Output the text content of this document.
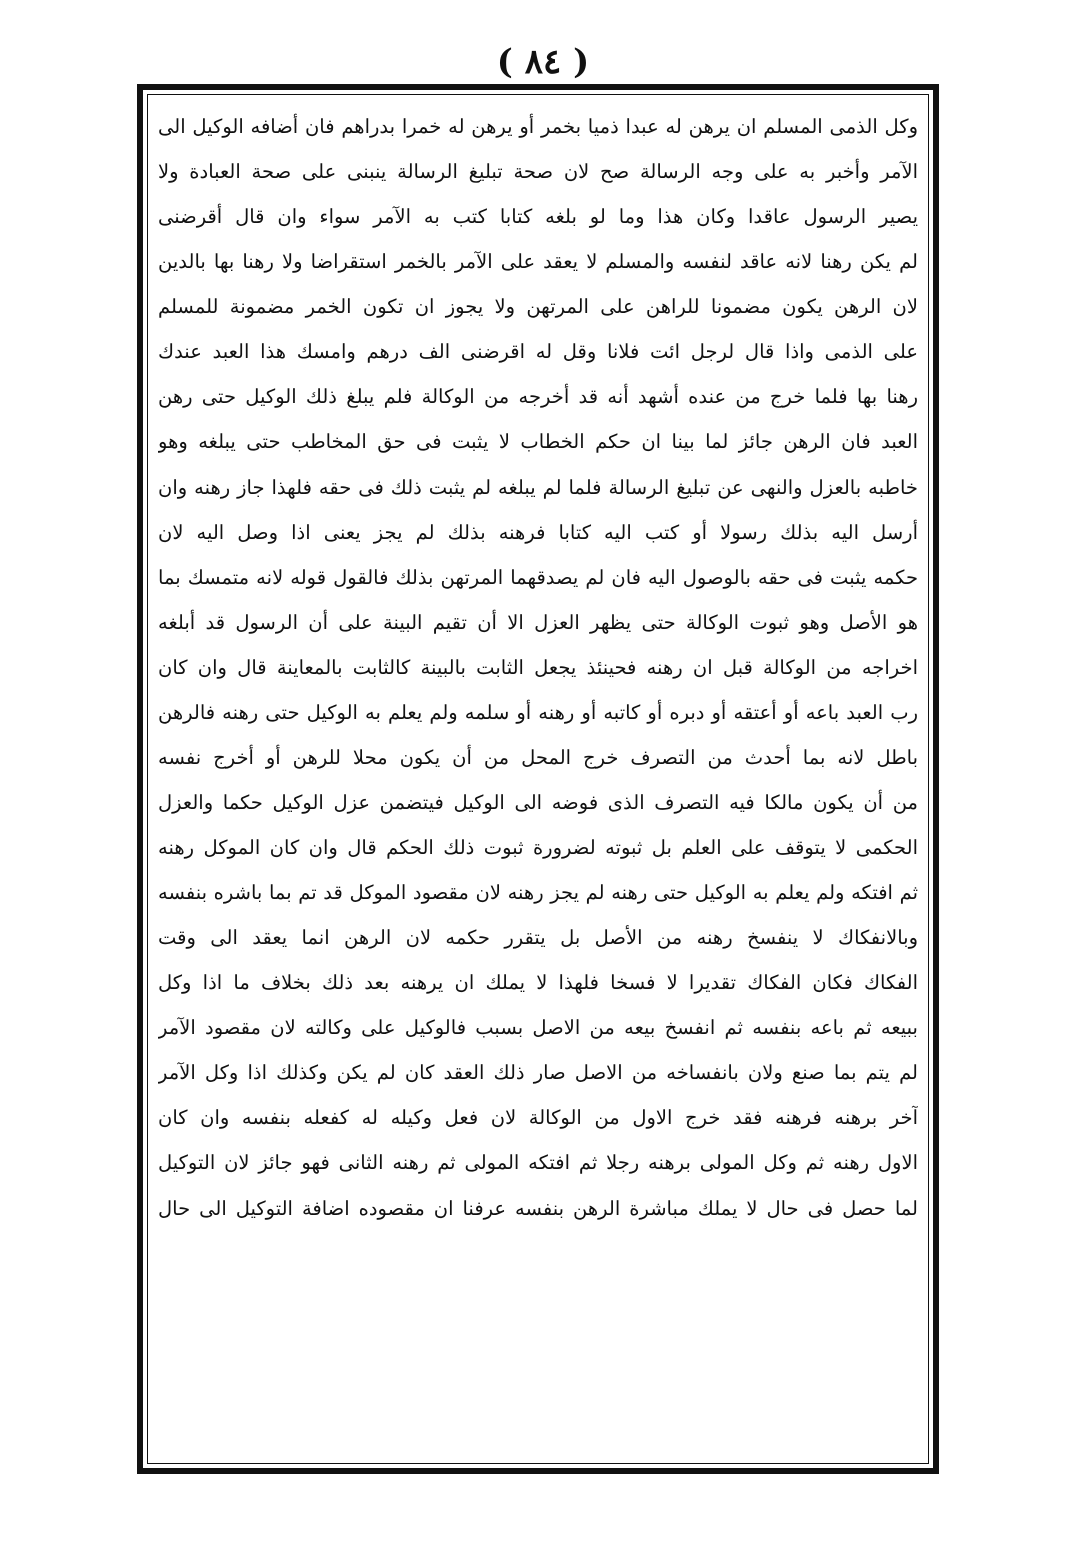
( ٨٤ )
وكل الذمى المسلم ان يرهن له عبدا ذميا بخمر أو يرهن له خمرا بدراهم فان أضافه الوكيل الى
الآمر وأخبر به على وجه الرسالة صح لان صحة تبليغ الرسالة ينبنى على صحة العبادة ولا
يصير الرسول عاقدا وكان هذا وما لو بلغه كتابا كتب به الآمر سواء وان قال أقرضنى
لم يكن رهنا لانه عاقد لنفسه والمسلم لا يعقد على الآمر بالخمر استقراضا ولا رهنا بها بالدين
لان الرهن يكون مضمونا للراهن على المرتهن ولا يجوز ان تكون الخمر مضمونة للمسلم
على الذمى واذا قال لرجل ائت فلانا وقل له اقرضنى الف درهم وامسك هذا العبد عندك
رهنا بها فلما خرج من عنده أشهد أنه قد أخرجه من الوكالة فلم يبلغ ذلك الوكيل حتى رهن
العبد فان الرهن جائز لما بينا ان حكم الخطاب لا يثبت فى حق المخاطب حتى يبلغه وهو
خاطبه بالعزل والنهى عن تبليغ الرسالة فلما لم يبلغه لم يثبت ذلك فى حقه فلهذا جاز رهنه وان
أرسل اليه بذلك رسولا أو كتب اليه كتابا فرهنه بذلك لم يجز يعنى اذا وصل اليه لان
حكمه يثبت فى حقه بالوصول اليه فان لم يصدقهما المرتهن بذلك فالقول قوله لانه متمسك بما
هو الأصل وهو ثبوت الوكالة حتى يظهر العزل الا أن تقيم البينة على أن الرسول قد أبلغه
اخراجه من الوكالة قبل ان رهنه فحينئذ يجعل الثابت بالبينة كالثابت بالمعاينة قال وان كان
رب العبد باعه أو أعتقه أو دبره أو كاتبه أو رهنه أو سلمه ولم يعلم به الوكيل حتى رهنه فالرهن
باطل لانه بما أحدث من التصرف خرج المحل من أن يكون محلا للرهن أو أخرج نفسه
من أن يكون مالكا فيه التصرف الذى فوضه الى الوكيل فيتضمن عزل الوكيل حكما والعزل
الحكمى لا يتوقف على العلم بل ثبوته لضرورة ثبوت ذلك الحكم قال وان كان الموكل رهنه
ثم افتكه ولم يعلم به الوكيل حتى رهنه لم يجز رهنه لان مقصود الموكل قد تم بما باشره بنفسه
وبالانفكاك لا ينفسخ رهنه من الأصل بل يتقرر حكمه لان الرهن انما يعقد الى وقت
الفكاك فكان الفكاك تقديرا لا فسخا فلهذا لا يملك ان يرهنه بعد ذلك بخلاف ما اذا وكل
ببيعه ثم باعه بنفسه ثم انفسخ بيعه من الاصل بسبب فالوكيل على وكالته لان مقصود الآمر
لم يتم بما صنع ولان بانفساخه من الاصل صار ذلك العقد كان لم يكن وكذلك اذا وكل الآمر
آخر برهنه فرهنه فقد خرج الاول من الوكالة لان فعل وكيله له كفعله بنفسه وان كان
الاول رهنه ثم وكل المولى برهنه رجلا ثم افتكه المولى ثم رهنه الثانى فهو جائز لان التوكيل
لما حصل فى حال لا يملك مباشرة الرهن بنفسه عرفنا ان مقصوده اضافة التوكيل الى حال
